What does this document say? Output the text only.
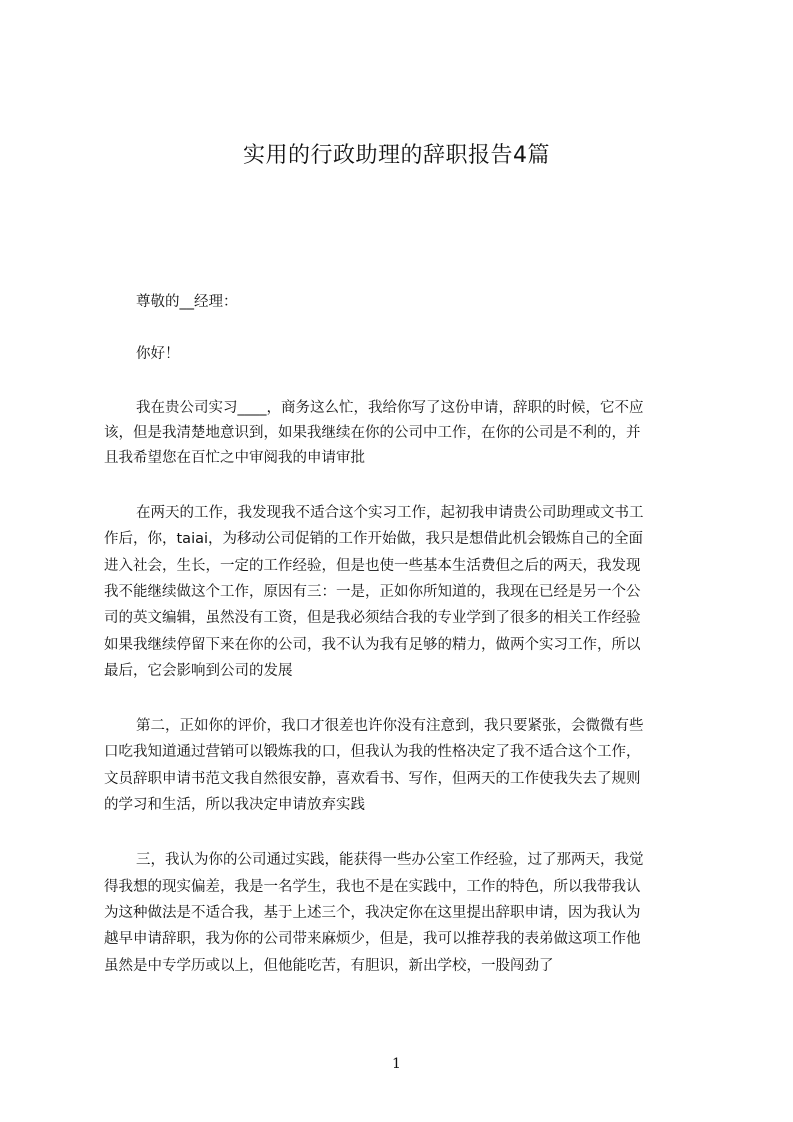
实用的行政助理的辞职报告4篇
尊敬的__经理：
你好！
我在贵公司实习____，商务这么忙，我给你写了这份申请，辞职的时候，它不应
该，但是我清楚地意识到，如果我继续在你的公司中工作，在你的公司是不利的，并
且我希望您在百忙之中审阅我的申请审批
在两天的工作，我发现我不适合这个实习工作，起初我申请贵公司助理或文书工
作后，你，taiai，为移动公司促销的工作开始做，我只是想借此机会锻炼自己的全面
进入社会，生长，一定的工作经验，但是也使一些基本生活费但之后的两天，我发现
我不能继续做这个工作，原因有三：一是，正如你所知道的，我现在已经是另一个公
司的英文编辑，虽然没有工资，但是我必须结合我的专业学到了很多的相关工作经验
如果我继续停留下来在你的公司，我不认为我有足够的精力，做两个实习工作，所以
最后，它会影响到公司的发展
第二，正如你的评价，我口才很差也许你没有注意到，我只要紧张，会微微有些
口吃我知道通过营销可以锻炼我的口，但我认为我的性格决定了我不适合这个工作，
文员辞职申请书范文我自然很安静，喜欢看书、写作，但两天的工作使我失去了规则
的学习和生活，所以我决定申请放弃实践
三，我认为你的公司通过实践，能获得一些办公室工作经验，过了那两天，我觉
得我想的现实偏差，我是一名学生，我也不是在实践中，工作的特色，所以我带我认
为这种做法是不适合我，基于上述三个，我决定你在这里提出辞职申请，因为我认为
越早申请辞职，我为你的公司带来麻烦少，但是，我可以推荐我的表弟做这项工作他
虽然是中专学历或以上，但他能吃苦，有胆识，新出学校，一股闯劲了
1
